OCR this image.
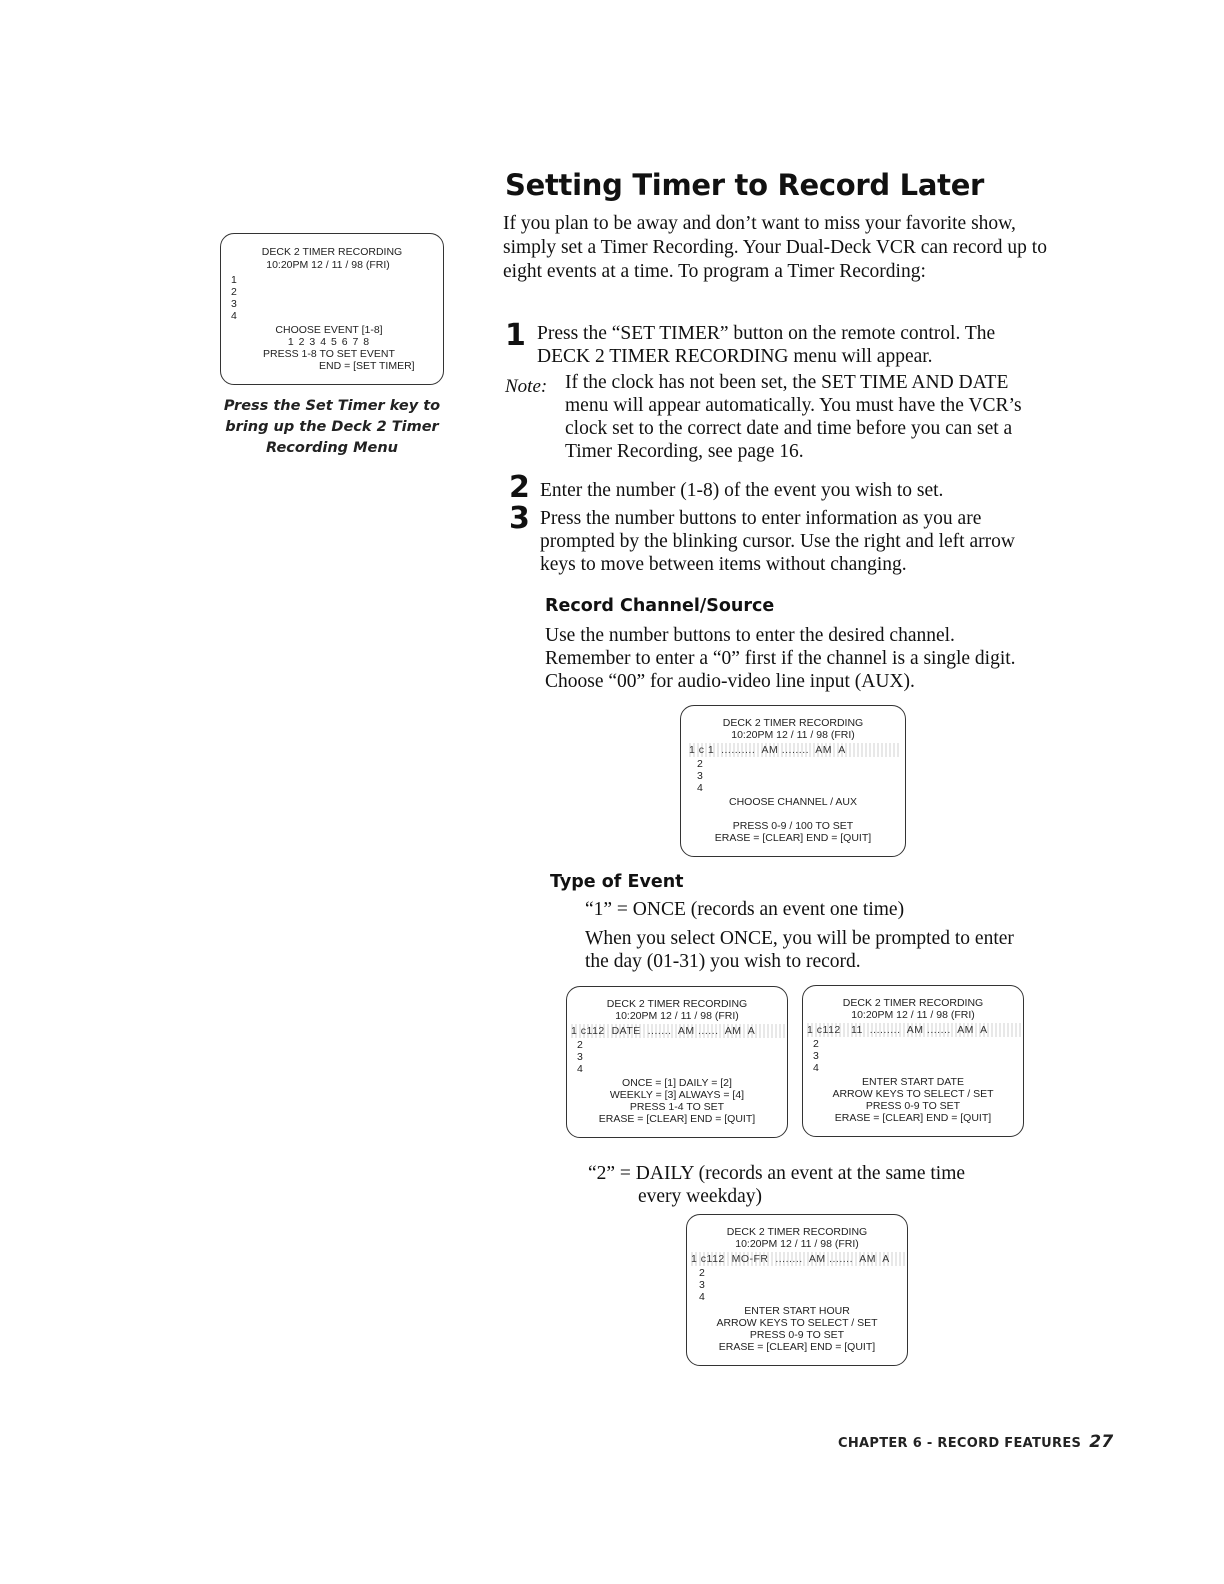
DECK 2 TIMER RECORDING
10:20PM 12 / 11 / 98 (FRI)
1
2
3
4
CHOOSE EVENT [1-8]
1 2 3 4 5 6 7 8
PRESS 1-8 TO SET EVENT
END = [SET TIMER]
Press the Set Timer key to
bring up the Deck 2 Timer
Recording Menu
Setting Timer to Record Later

If you plan to be away and don’t want to miss your favorite show, simply set a Timer Recording. Your Dual-Deck VCR can record up to eight events at a time. To program a Timer Recording:

1 Press the “SET TIMER” button on the remote control. The DECK 2 TIMER RECORDING menu will appear.

Note: If the clock has not been set, the SET TIME AND DATE menu will appear automatically. You must have the VCR’s clock set to the correct date and time before you can set a Timer Recording, see page 16.

2 Enter the number (1-8) of the event you wish to set.

3 Press the number buttons to enter information as you are prompted by the blinking cursor. Use the right and left arrow keys to move between items without changing.

Record Channel/Source

Use the number buttons to enter the desired channel. Remember to enter a “0” first if the channel is a single digit. Choose “00” for audio-video line input (AUX).

DECK 2 TIMER RECORDING
10:20PM 12 / 11 / 98 (FRI)
1 c 1  ..........  AM ........  AM  A
2
3
4
CHOOSE CHANNEL / AUX
PRESS 0-9 / 100 TO SET
ERASE = [CLEAR] END = [QUIT]
Type of Event

“1” = ONCE (records an event one time)

When you select ONCE, you will be prompted to enter the day (01-31) you wish to record.

DECK 2 TIMER RECORDING
10:20PM 12 / 11 / 98 (FRI)
1 c112  DATE  .......  AM ......  AM  A
2
3
4
ONCE = [1] DAILY = [2]
WEEKLY = [3] ALWAYS = [4]
PRESS 1-4 TO SET
ERASE = [CLEAR] END = [QUIT]
DECK 2 TIMER RECORDING
10:20PM 12 / 11 / 98 (FRI)
1 c112   11  .........  AM .......  AM  A
2
3
4
ENTER START DATE
ARROW KEYS TO SELECT / SET
PRESS 0-9 TO SET
ERASE = [CLEAR] END = [QUIT]

“2” = DAILY (records an event at the same time

every weekday)

DECK 2 TIMER RECORDING
10:20PM 12 / 11 / 98 (FRI)
1 c112  MO-FR  ........  AM .......  AM  A
2
3
4
ENTER START HOUR
ARROW KEYS TO SELECT / SET
PRESS 0-9 TO SET
ERASE = [CLEAR] END = [QUIT]
CHAPTER 6 - RECORD FEATURES 27
